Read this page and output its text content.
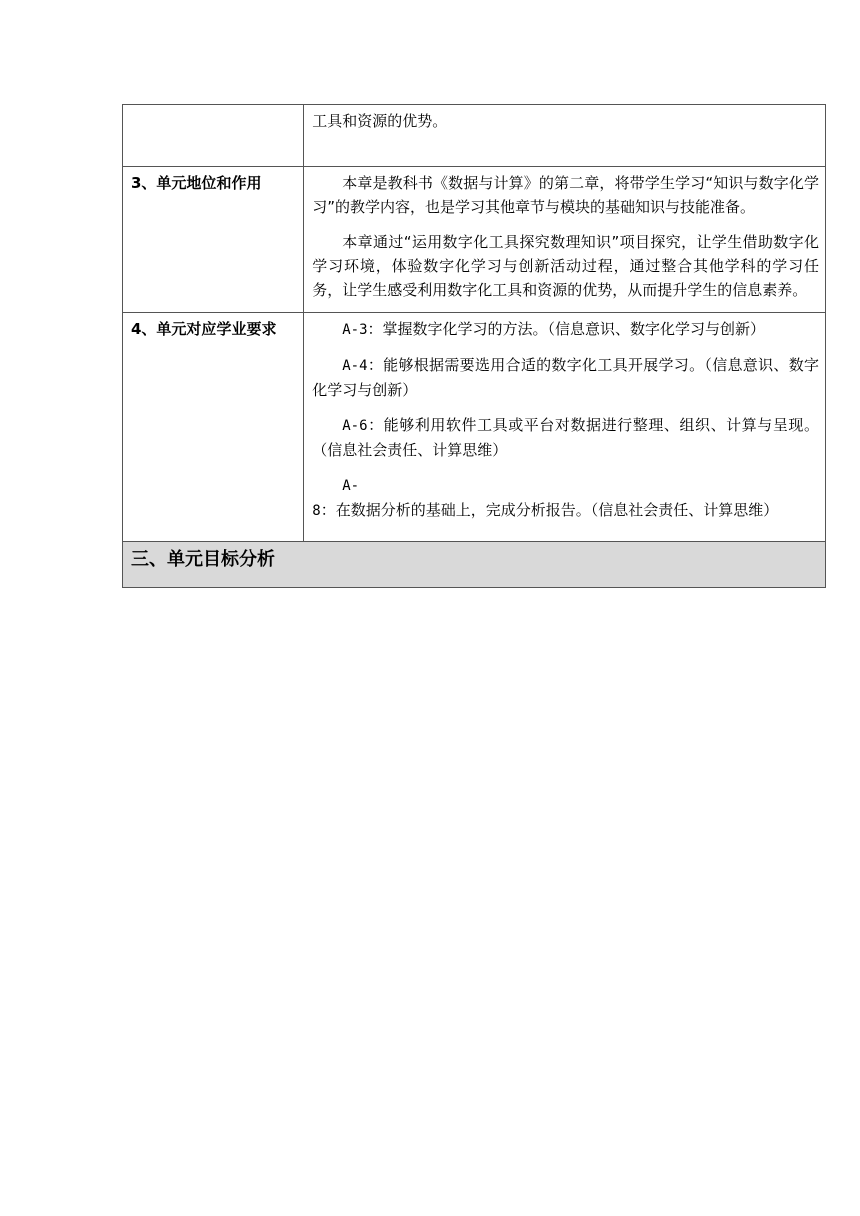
	工具和资源的优势。

3、单元地位和作用	本章是教科书《数据与计算》的第二章，将带学生学习“知识与数字化学习”的教学内容，也是学习其他章节与模块的基础知识与技能准备。

本章通过“运用数字化工具探究数理知识”项目探究，让学生借助数字化学习环境，体验数字化学习与创新活动过程，通过整合其他学科的学习任务，让学生感受利用数字化工具和资源的优势，从而提升学生的信息素养。

4、单元对应学业要求	A-3：掌握数字化学习的方法。（信息意识、数字化学习与创新）

A-4：能够根据需要选用合适的数字化工具开展学习。（信息意识、数字化学习与创新）

A-6：能够利用软件工具或平台对数据进行整理、组织、计算与呈现。（信息社会责任、计算思维）

A-8：在数据分析的基础上，完成分析报告。（信息社会责任、计算思维）

三、单元目标分析	
